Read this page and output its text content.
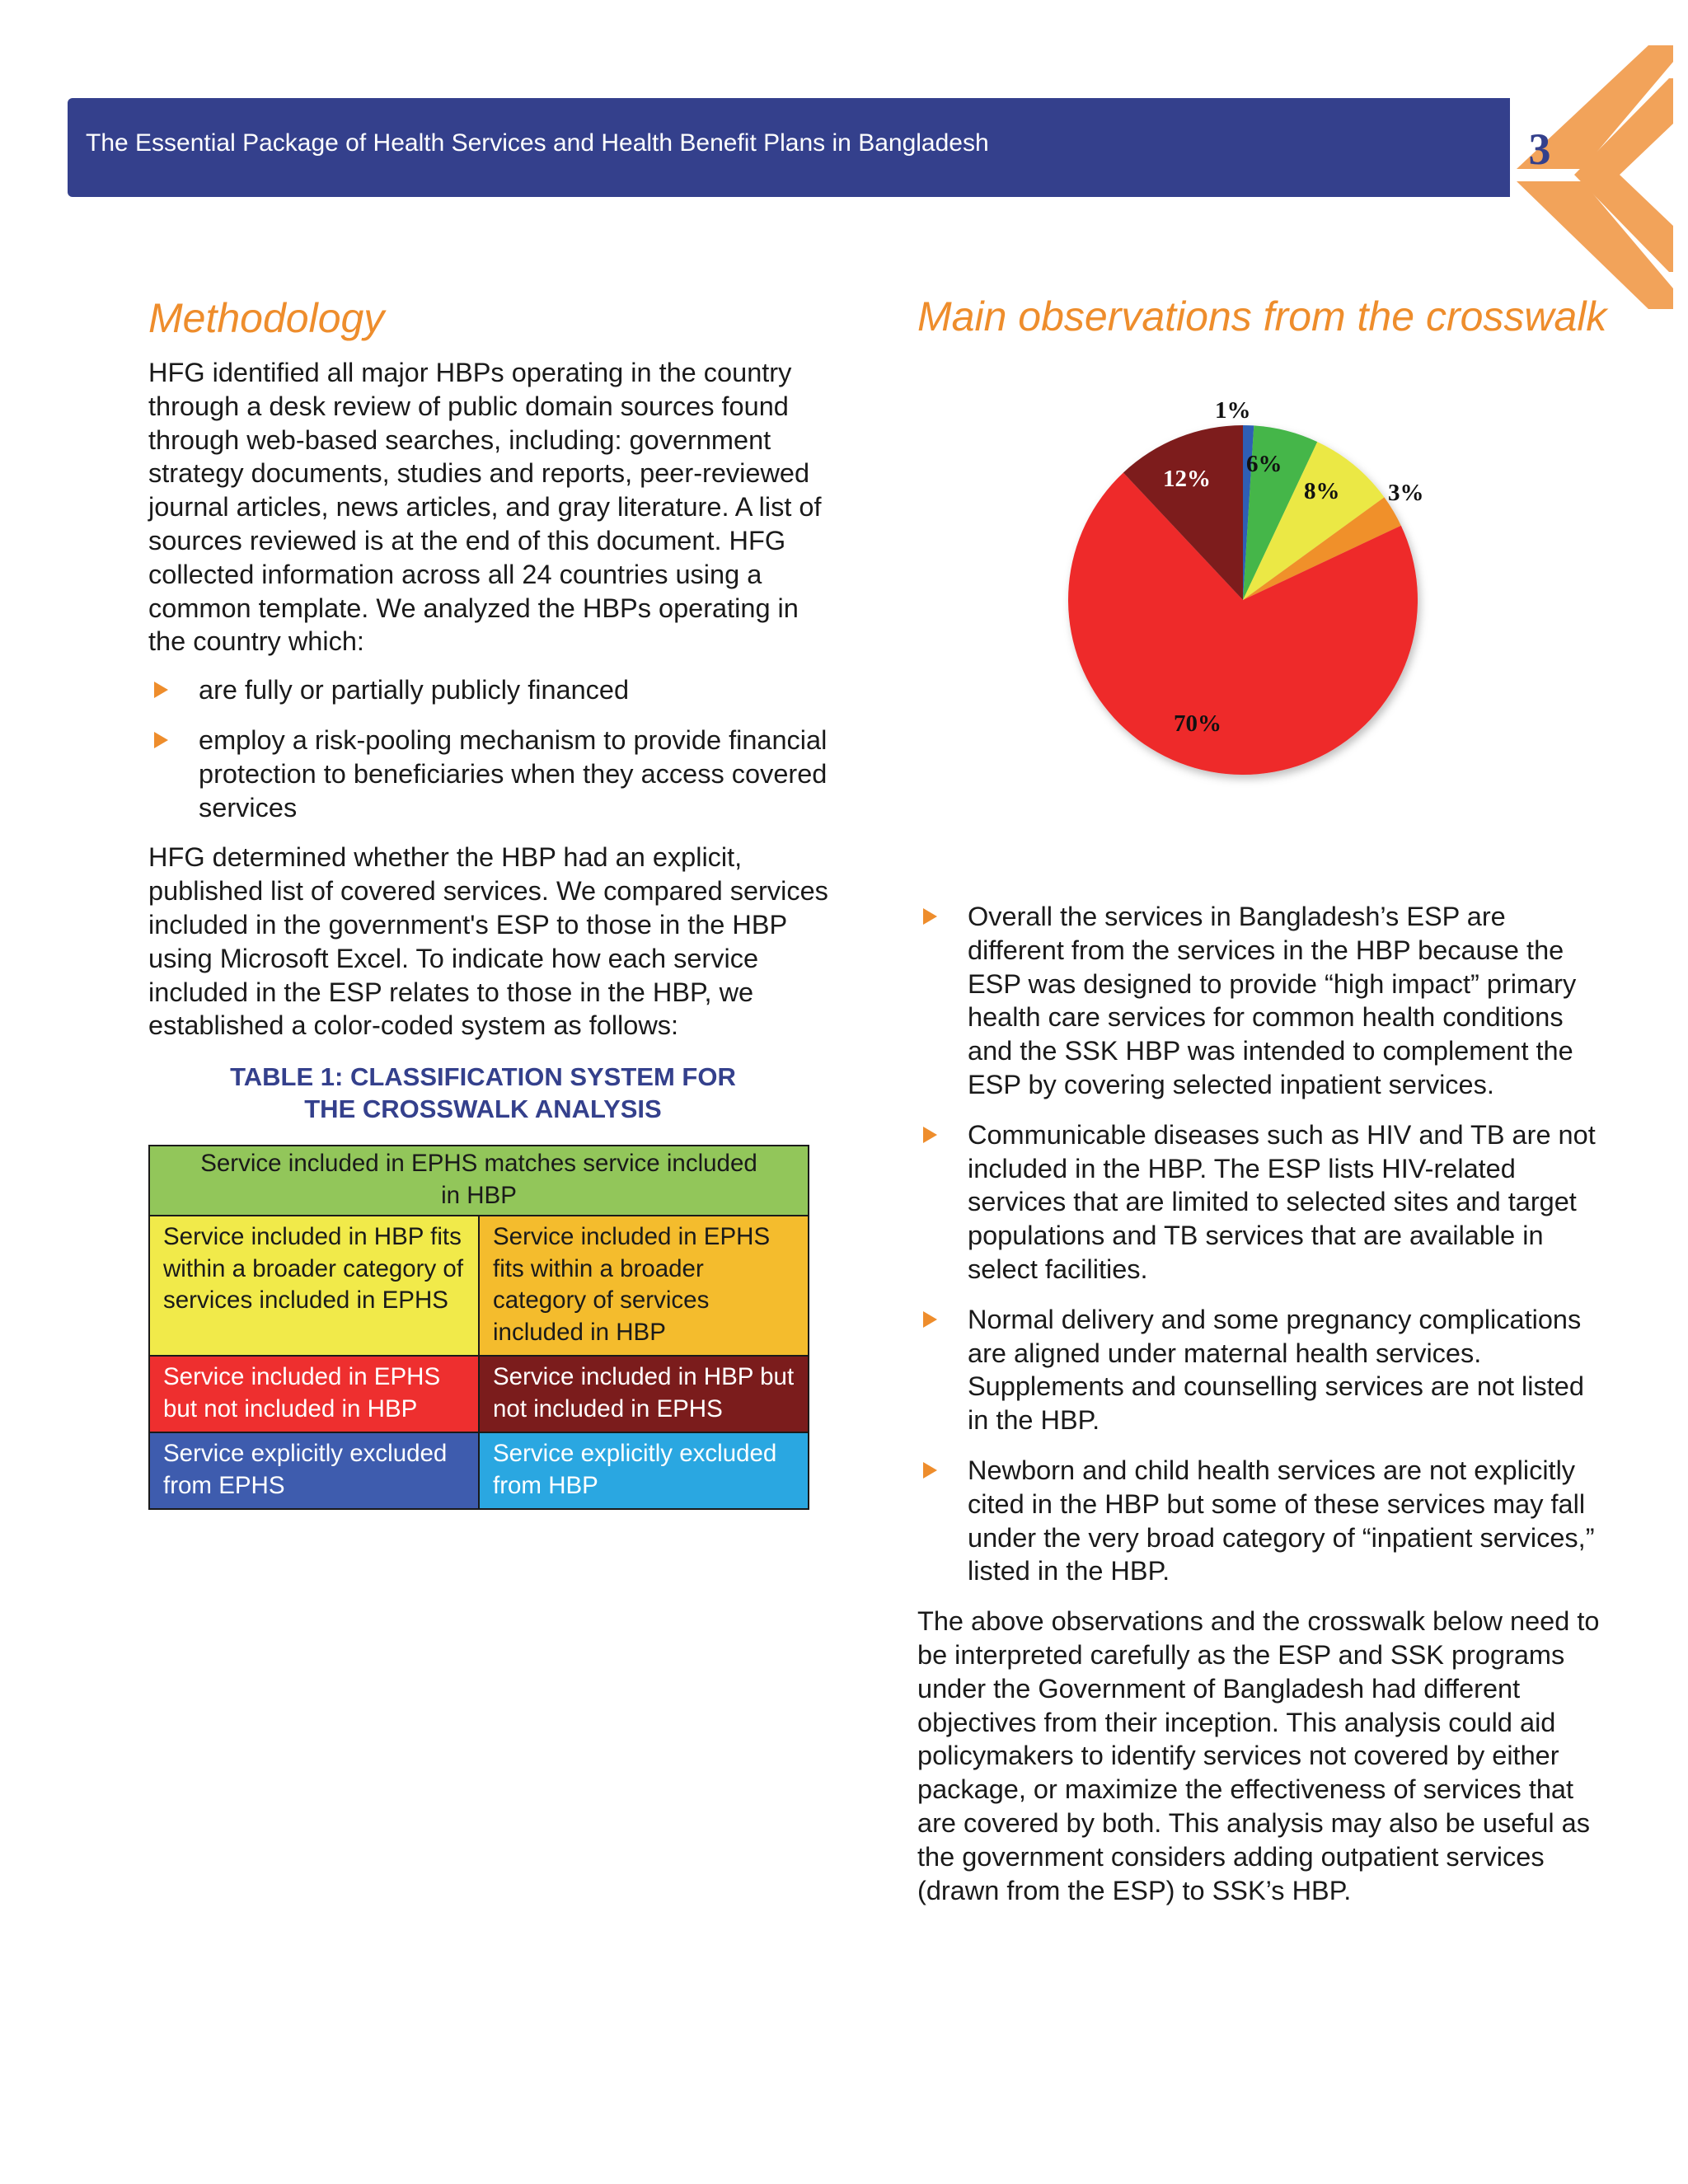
The Essential Package of Health Services and Health Benefit Plans in Bangladesh	3
Methodology	Main observations from the crosswalk

HFG identified all major HBPs operating in the country through a desk review of public domain sources found through web-based searches, including: government strategy documents, studies and reports, peer-reviewed journal articles, news articles, and gray literature. A list of sources reviewed is at the end of this document. HFG collected information across all 24 countries using a common template. We analyzed the HBPs operating in the country which:

are fully or partially publicly financed
employ a risk-pooling mechanism to provide financial protection to beneficiaries when they access covered services

HFG determined whether the HBP had an explicit, published list of covered services. We compared services included in the government's ESP to those in the HBP using Microsoft Excel. To indicate how each service included in the ESP relates to those in the HBP, we established a color-coded system as follows:

TABLE 1: CLASSIFICATION SYSTEM FOR
THE CROSSWALK ANALYSIS
Service included in EPHS matches service included in HBP	
Service included in HBP fits within a broader category of services included in EPHS	Service included in EPHS fits within a broader category of services included in HBP
Service included in EPHS but not included in HBP	Service included in HBP but not included in EPHS
Service explicitly excluded from EPHS	Service explicitly excluded from HBP
1%
6%
8% 3%
70%
12%
Overall the services in Bangladesh’s ESP are different from the services in the HBP because the ESP was designed to provide “high impact” primary health care services for common health conditions and the SSK HBP was intended to complement the ESP by covering selected inpatient services.
Communicable diseases such as HIV and TB are not included in the HBP. The ESP lists HIV-related services that are limited to selected sites and target populations and TB services that are available in select facilities.
Normal delivery and some pregnancy complications are aligned under maternal health services. Supplements and counselling services are not listed in the HBP.
Newborn and child health services are not explicitly cited in the HBP but some of these services may fall under the very broad category of “inpatient services,” listed in the HBP.

The above observations and the crosswalk below need to be interpreted carefully as the ESP and SSK programs under the Government of Bangladesh had different objectives from their inception. This analysis could aid policymakers to identify services not covered by either package, or maximize the effectiveness of services that are covered by both. This analysis may also be useful as the government considers adding outpatient services (drawn from the ESP) to SSK’s HBP.
